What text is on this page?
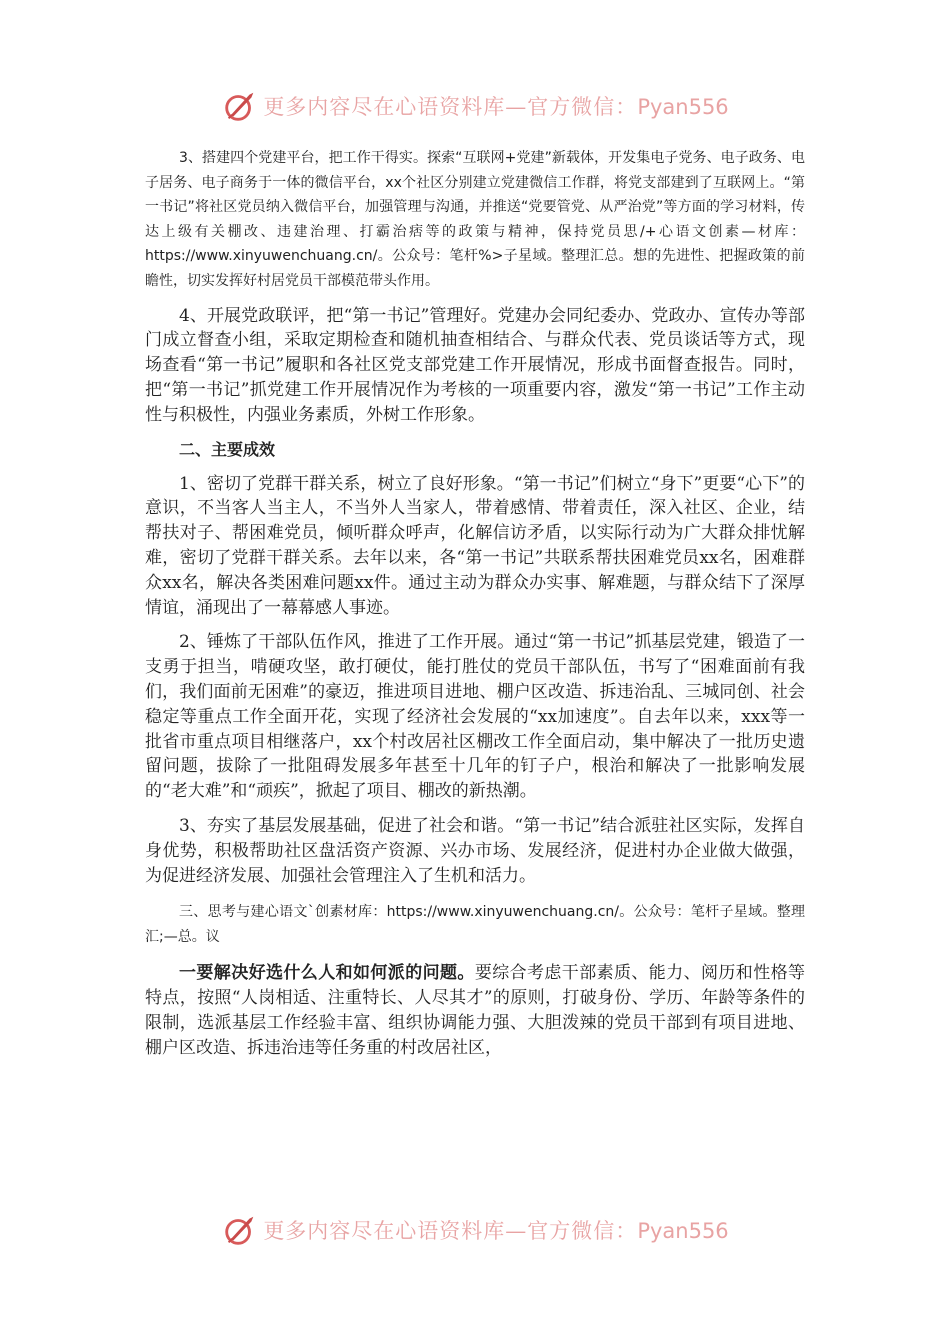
更多内容尽在心语资料库—官方微信：Pyan556

3、搭建四个党建平台，把工作干得实。探索“互联网+党建”新载体，开发集电子党务、电子政务、电子居务、电子商务于一体的微信平台，xx个社区分别建立党建微信工作群，将党支部建到了互联网上。“第一书记”将社区党员纳入微信平台，加强管理与沟通，并推送“党要管党、从严治党”等方面的学习材料，传达上级有关棚改、违建治理、打霸治痞等的政策与精神，保持党员思/+心语文创素—材库：https://www.xinyuwenchuang.cn/。公众号：笔杆%>子星域。整理汇总。想的先进性、把握政策的前瞻性，切实发挥好村居党员干部模范带头作用。

4、开展党政联评，把“第一书记”管理好。党建办会同纪委办、党政办、宣传办等部门成立督查小组，采取定期检查和随机抽查相结合、与群众代表、党员谈话等方式，现场查看“第一书记”履职和各社区党支部党建工作开展情况，形成书面督查报告。同时，把“第一书记”抓党建工作开展情况作为考核的一项重要内容，激发“第一书记”工作主动性与积极性，内强业务素质，外树工作形象。

二、主要成效

1、密切了党群干群关系，树立了良好形象。“第一书记”们树立“身下”更要“心下”的意识，不当客人当主人，不当外人当家人，带着感情、带着责任，深入社区、企业，结帮扶对子、帮困难党员，倾听群众呼声，化解信访矛盾，以实际行动为广大群众排忧解难，密切了党群干群关系。去年以来，各“第一书记”共联系帮扶困难党员xx名，困难群众xx名，解决各类困难问题xx件。通过主动为群众办实事、解难题，与群众结下了深厚情谊，涌现出了一幕幕感人事迹。

2、锤炼了干部队伍作风，推进了工作开展。通过“第一书记”抓基层党建，锻造了一支勇于担当，啃硬攻坚，敢打硬仗，能打胜仗的党员干部队伍，书写了“困难面前有我们，我们面前无困难”的豪迈，推进项目进地、棚户区改造、拆违治乱、三城同创、社会稳定等重点工作全面开花，实现了经济社会发展的“xx加速度”。自去年以来，xxx等一批省市重点项目相继落户，xx个村改居社区棚改工作全面启动，集中解决了一批历史遗留问题，拔除了一批阻碍发展多年甚至十几年的钉子户，根治和解决了一批影响发展的“老大难”和“顽疾”，掀起了项目、棚改的新热潮。

3、夯实了基层发展基础，促进了社会和谐。“第一书记”结合派驻社区实际，发挥自身优势，积极帮助社区盘活资产资源、兴办市场、发展经济，促进村办企业做大做强，为促进经济发展、加强社会管理注入了生机和活力。

三、思考与建心语文`创素材库：https://www.xinyuwenchuang.cn/。公众号：笔杆子星域。整理汇;—总。议

一要解决好选什么人和如何派的问题。要综合考虑干部素质、能力、阅历和性格等特点，按照“人岗相适、注重特长、人尽其才”的原则，打破身份、学历、年龄等条件的限制，选派基层工作经验丰富、组织协调能力强、大胆泼辣的党员干部到有项目进地、棚户区改造、拆违治违等任务重的村改居社区，

更多内容尽在心语资料库—官方微信：Pyan556
